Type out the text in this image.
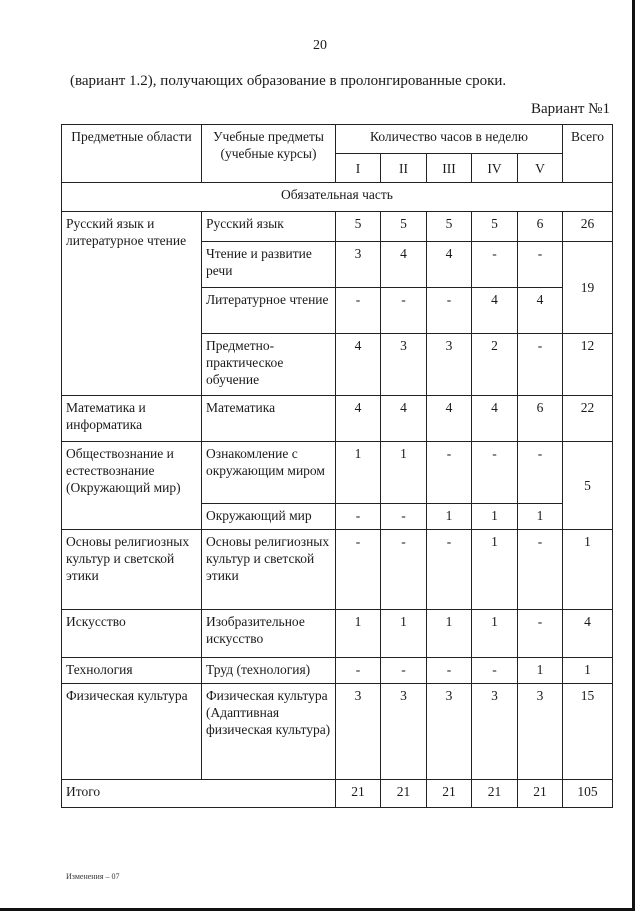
20
(вариант 1.2), получающих образование в пролонгированные сроки.
Вариант №1
Предметные области	Учебные предметы (учебные курсы)	Количество часов в неделю					Всего
		I	II	III	IV	V	
Обязательная часть							
Русский язык и литературное чтение	Русский язык	5	5	5	5	6	26
	Чтение и развитие речи	3	4	4	-	-	19
	Литературное чтение	-	-	-	4	4	
	Предметно-практическое обучение	4	3	3	2	-	12
Математика и информатика	Математика	4	4	4	4	6	22
Обществознание и естествознание (Окружающий мир)	Ознакомление с окружающим миром	1	1	-	-	-	5
	Окружающий мир	-	-	1	1	1	
Основы религиозных культур и светской этики	Основы религиозных культур и светской этики	-	-	-	1	-	1
Искусство	Изобразительное искусство	1	1	1	1	-	4
Технология	Труд (технология)	-	-	-	-	1	1
Физическая культура	Физическая культура (Адаптивная физическая культура)	3	3	3	3	3	15
Итого		21	21	21	21	21	105
Изменения – 07
